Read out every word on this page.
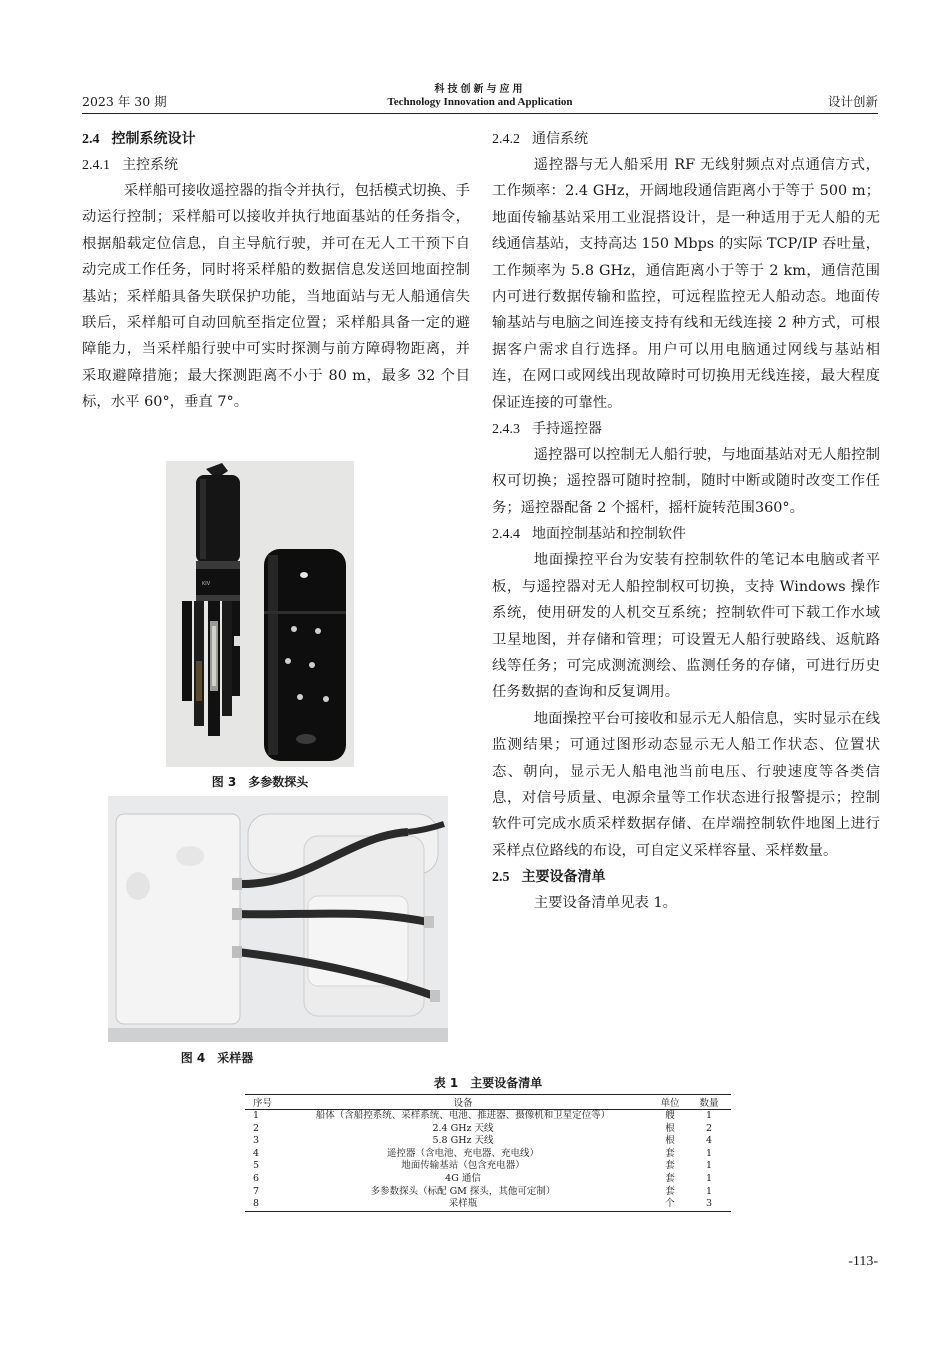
2023 年 30 期
科技创新与应用
Technology Innovation and Application	设计创新
2.4 控制系统设计
2.4.1 主控系统

采样船可接收遥控器的指令并执行，包括模式切换、手动运行控制；采样船可以接收并执行地面基站的任务指令，根据船载定位信息，自主导航行驶，并可在无人工干预下自动完成工作任务，同时将采样船的数据信息发送回地面控制基站；采样船具备失联保护功能，当地面站与无人船通信失联后，采样船可自动回航至指定位置；采样船具备一定的避障能力，当采样船行驶中可实时探测与前方障碍物距离，并采取避障措施；最大探测距离不小于 80 m，最多 32 个目标，水平 60°，垂直 7°。

KIV
图 3 多参数探头
图 4 采样器
2.4.2 通信系统

遥控器与无人船采用 RF 无线射频点对点通信方式，工作频率：2.4 GHz，开阔地段通信距离小于等于 500 m；地面传输基站采用工业混搭设计，是一种适用于无人船的无线通信基站，支持高达 150 Mbps 的实际 TCP/IP 吞吐量，工作频率为 5.8 GHz，通信距离小于等于 2 km，通信范围内可进行数据传输和监控，可远程监控无人船动态。地面传输基站与电脑之间连接支持有线和无线连接 2 种方式，可根据客户需求自行选择。用户可以用电脑通过网线与基站相连，在网口或网线出现故障时可切换用无线连接，最大程度保证连接的可靠性。

2.4.3 手持遥控器

遥控器可以控制无人船行驶，与地面基站对无人船控制权可切换；遥控器可随时控制，随时中断或随时改变工作任务；遥控器配备 2 个摇杆，摇杆旋转范围360°。

2.4.4 地面控制基站和控制软件

地面操控平台为安装有控制软件的笔记本电脑或者平板，与遥控器对无人船控制权可切换，支持 Windows 操作系统，使用研发的人机交互系统；控制软件可下载工作水域卫星地图，并存储和管理；可设置无人船行驶路线、返航路线等任务；可完成测流测绘、监测任务的存储，可进行历史任务数据的查询和反复调用。

地面操控平台可接收和显示无人船信息，实时显示在线监测结果；可通过图形动态显示无人船工作状态、位置状态、朝向，显示无人船电池当前电压、行驶速度等各类信息，对信号质量、电源余量等工作状态进行报警提示；控制软件可完成水质采样数据存储、在岸端控制软件地图上进行采样点位路线的布设，可自定义采样容量、采样数量。

2.5 主要设备清单

主要设备清单见表 1。

表 1 主要设备清单
序号	设备	单位	数量
1	船体（含船控系统、采样系统、电池、推进器、摄像机和卫星定位等）	艘	1
2	2.4 GHz 天线	根	2
3	5.8 GHz 天线	根	4
4	遥控器（含电池、充电器、充电线）	套	1
5	地面传输基站（包含充电器）	套	1
6	4G 通信	套	1
7	多参数探头（标配 GM 探头，其他可定制）	套	1
8	采样瓶	个	3
-113-
